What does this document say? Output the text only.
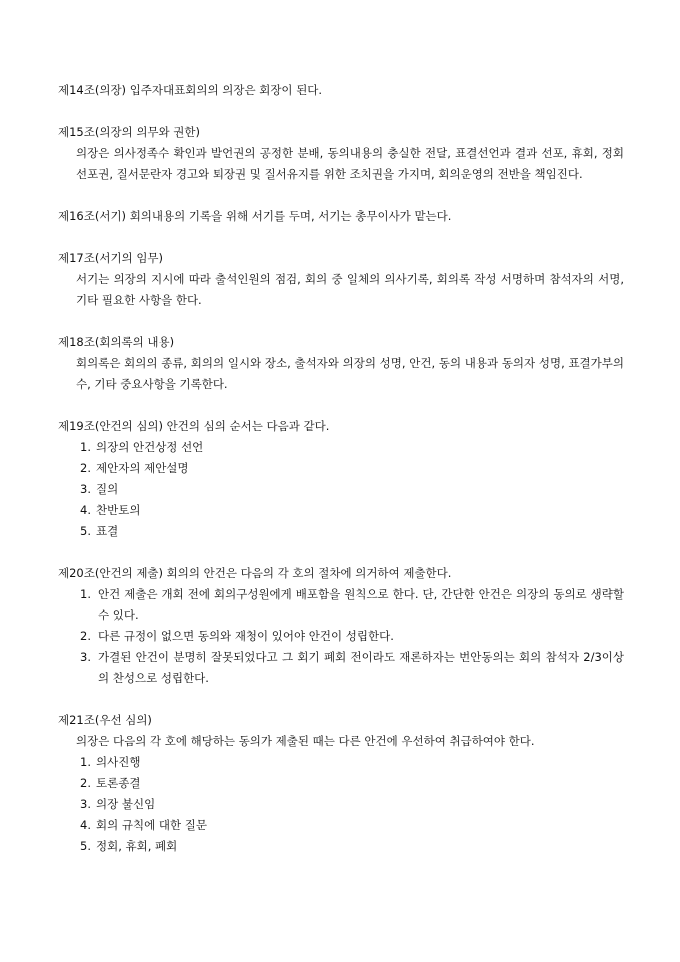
제14조(의장) 입주자대표회의의 의장은 회장이 된다.
제15조(의장의 의무와 권한)
의장은 의사정족수 확인과 발언권의 공정한 분배, 동의내용의 충실한 전달, 표결선언과 결과 선포, 휴회, 정회 선포권, 질서문란자 경고와 퇴장권 및 질서유지를 위한 조치권을 가지며, 회의운영의 전반을 책임진다.
제16조(서기) 회의내용의 기록을 위해 서기를 두며, 서기는 총무이사가 맡는다.
제17조(서기의 임무)
서기는 의장의 지시에 따라 출석인원의 점검, 회의 중 일체의 의사기록, 회의록 작성 서명하며 참석자의 서명, 기타 필요한 사항을 한다.
제18조(회의록의 내용)
회의록은 회의의 종류, 회의의 일시와 장소, 출석자와 의장의 성명, 안건, 동의 내용과 동의자 성명, 표결가부의 수, 기타 중요사항을 기록한다.
제19조(안건의 심의) 안건의 심의 순서는 다음과 같다.
1. 의장의 안건상정 선언
2. 제안자의 제안설명
3. 질의
4. 찬반토의
5. 표결
제20조(안건의 제출) 회의의 안건은 다음의 각 호의 절차에 의거하여 제출한다.
1. 안건 제출은 개회 전에 회의구성원에게 배포함을 원칙으로 한다. 단, 간단한 안건은 의장의 동의로 생략할 수 있다.
2. 다른 규정이 없으면 동의와 재청이 있어야 안건이 성립한다.
3. 가결된 안건이 분명히 잘못되었다고 그 회기 폐회 전이라도 재론하자는 번안동의는 회의 참석자 2/3이상의 찬성으로 성립한다.
제21조(우선 심의)
의장은 다음의 각 호에 해당하는 동의가 제출된 때는 다른 안건에 우선하여 취급하여야 한다.
1. 의사진행
2. 토론종결
3. 의장 불신임
4. 회의 규칙에 대한 질문
5. 정회, 휴회, 폐회
